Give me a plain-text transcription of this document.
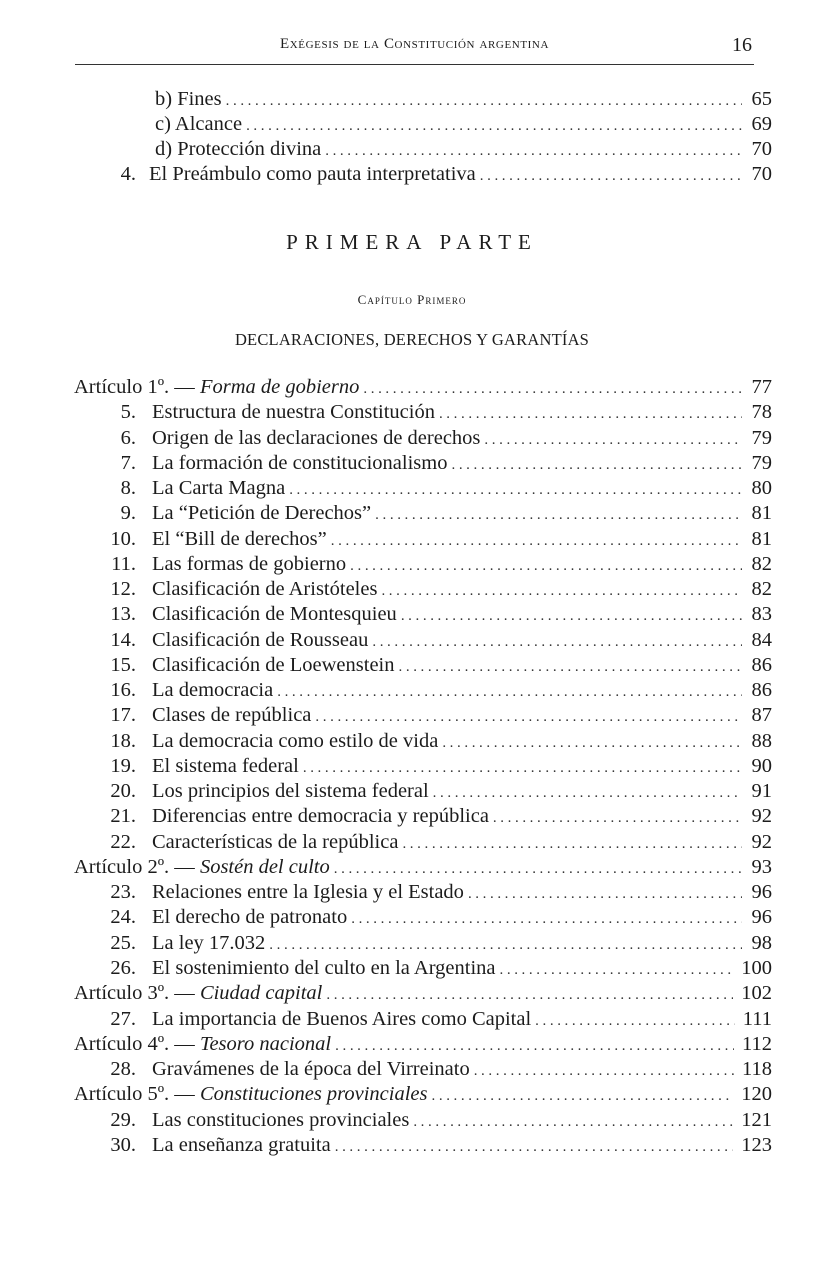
Exégesis de la Constitución argentina	16
b) Fines .....	65
c) Alcance .....	69
d) Protección divina .....	70
4. El Preámbulo como pauta interpretativa .....	70
PRIMERA PARTE
Capítulo Primero
DECLARACIONES, DERECHOS Y GARANTÍAS
Artículo 1º. — Forma de gobierno .....	77
5. Estructura de nuestra Constitución .....	78
6. Origen de las declaraciones de derechos .....	79
7. La formación de constitucionalismo .....	79
8. La Carta Magna .....	80
9. La “Petición de Derechos” .....	81
10. El “Bill de derechos” .....	81
11. Las formas de gobierno .....	82
12. Clasificación de Aristóteles .....	82
13. Clasificación de Montesquieu .....	83
14. Clasificación de Rousseau .....	84
15. Clasificación de Loewenstein .....	86
16. La democracia .....	86
17. Clases de república .....	87
18. La democracia como estilo de vida .....	88
19. El sistema federal .....	90
20. Los principios del sistema federal .....	91
21. Diferencias entre democracia y república .....	92
22. Características de la república .....	92
Artículo 2º. — Sostén del culto .....	93
23. Relaciones entre la Iglesia y el Estado .....	96
24. El derecho de patronato .....	96
25. La ley 17.032 .....	98
26. El sostenimiento del culto en la Argentina .....	100
Artículo 3º. — Ciudad capital .....	102
27. La importancia de Buenos Aires como Capital .....	111
Artículo 4º. — Tesoro nacional .....	112
28. Gravámenes de la época del Virreinato .....	118
Artículo 5º. — Constituciones provinciales .....	120
29. Las constituciones provinciales .....	121
30. La enseñanza gratuita .....	123
